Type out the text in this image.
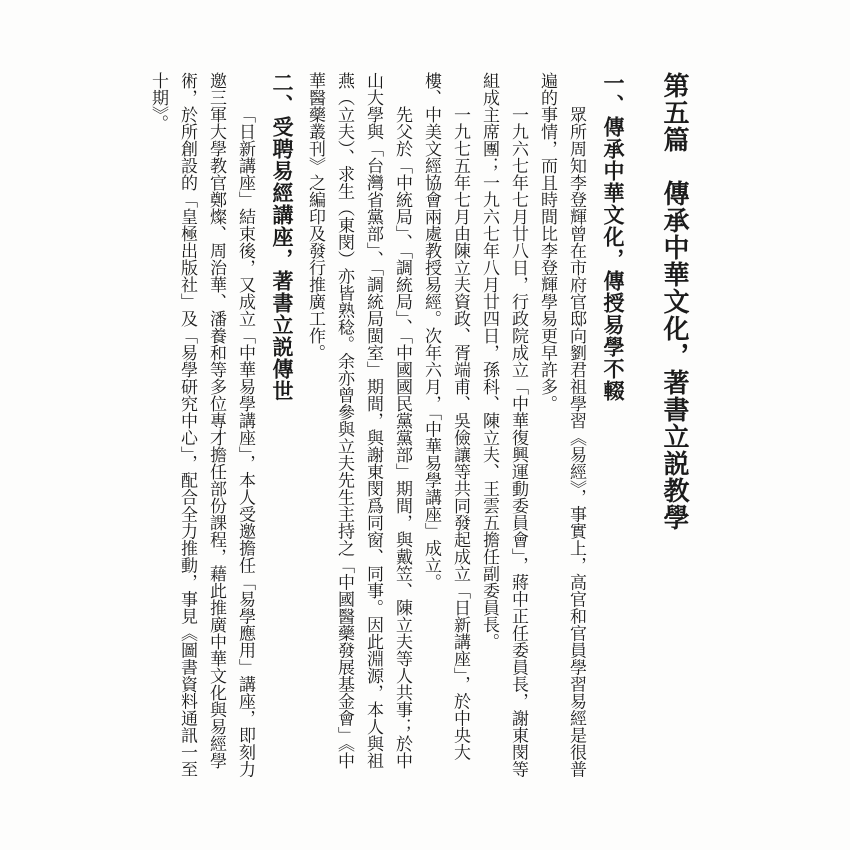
第五篇　傳承中華文化，著書立説教學
一、傳承中華文化，傳授易學不輟

眾所周知李登輝曾在市府官邸向劉君祖學習《易經》，事實上，高官和官員學習易經是很普遍的事情，而且時間比李登輝學易更早許多。

一九六七年七月廿八日，行政院成立「中華復興運動委員會」，蔣中正任委員長，謝東閔等組成主席團；一九六七年八月廿四日，孫科、陳立夫、王雲五擔任副委員長。

一九七五年七月由陳立夫資政、胥端甫、吳儉讓等共同發起成立「日新講座」，於中央大樓、中美文經協會兩處教授易經。次年六月，「中華易學講座」成立。

先父於「中統局」、「調統局」、「中國國民黨黨部」期間，與戴笠、陳立夫等人共事；於中山大學與「台灣省黨部」、「調統局閩室」期間，與謝東閔爲同窗、同事。因此淵源，本人與祖燕（立夫）、求生（東閔）亦皆熟稔。余亦曾參與立夫先生主持之「中國醫藥發展基金會」《中華醫藥叢刊》之編印及發行推廣工作。

二、受聘易經講座，著書立説傳世

「日新講座」結束後，又成立「中華易學講座」，本人受邀擔任「易學應用」講座，即刻力邀三軍大學教官鄭燦、周治華、潘養和等多位專才擔任部份課程，藉此推廣中華文化與易經學術，於所創設的「皇極出版社」及「易學研究中心」，配合全力推動，事見《圖書資料通訊一至十期》。
